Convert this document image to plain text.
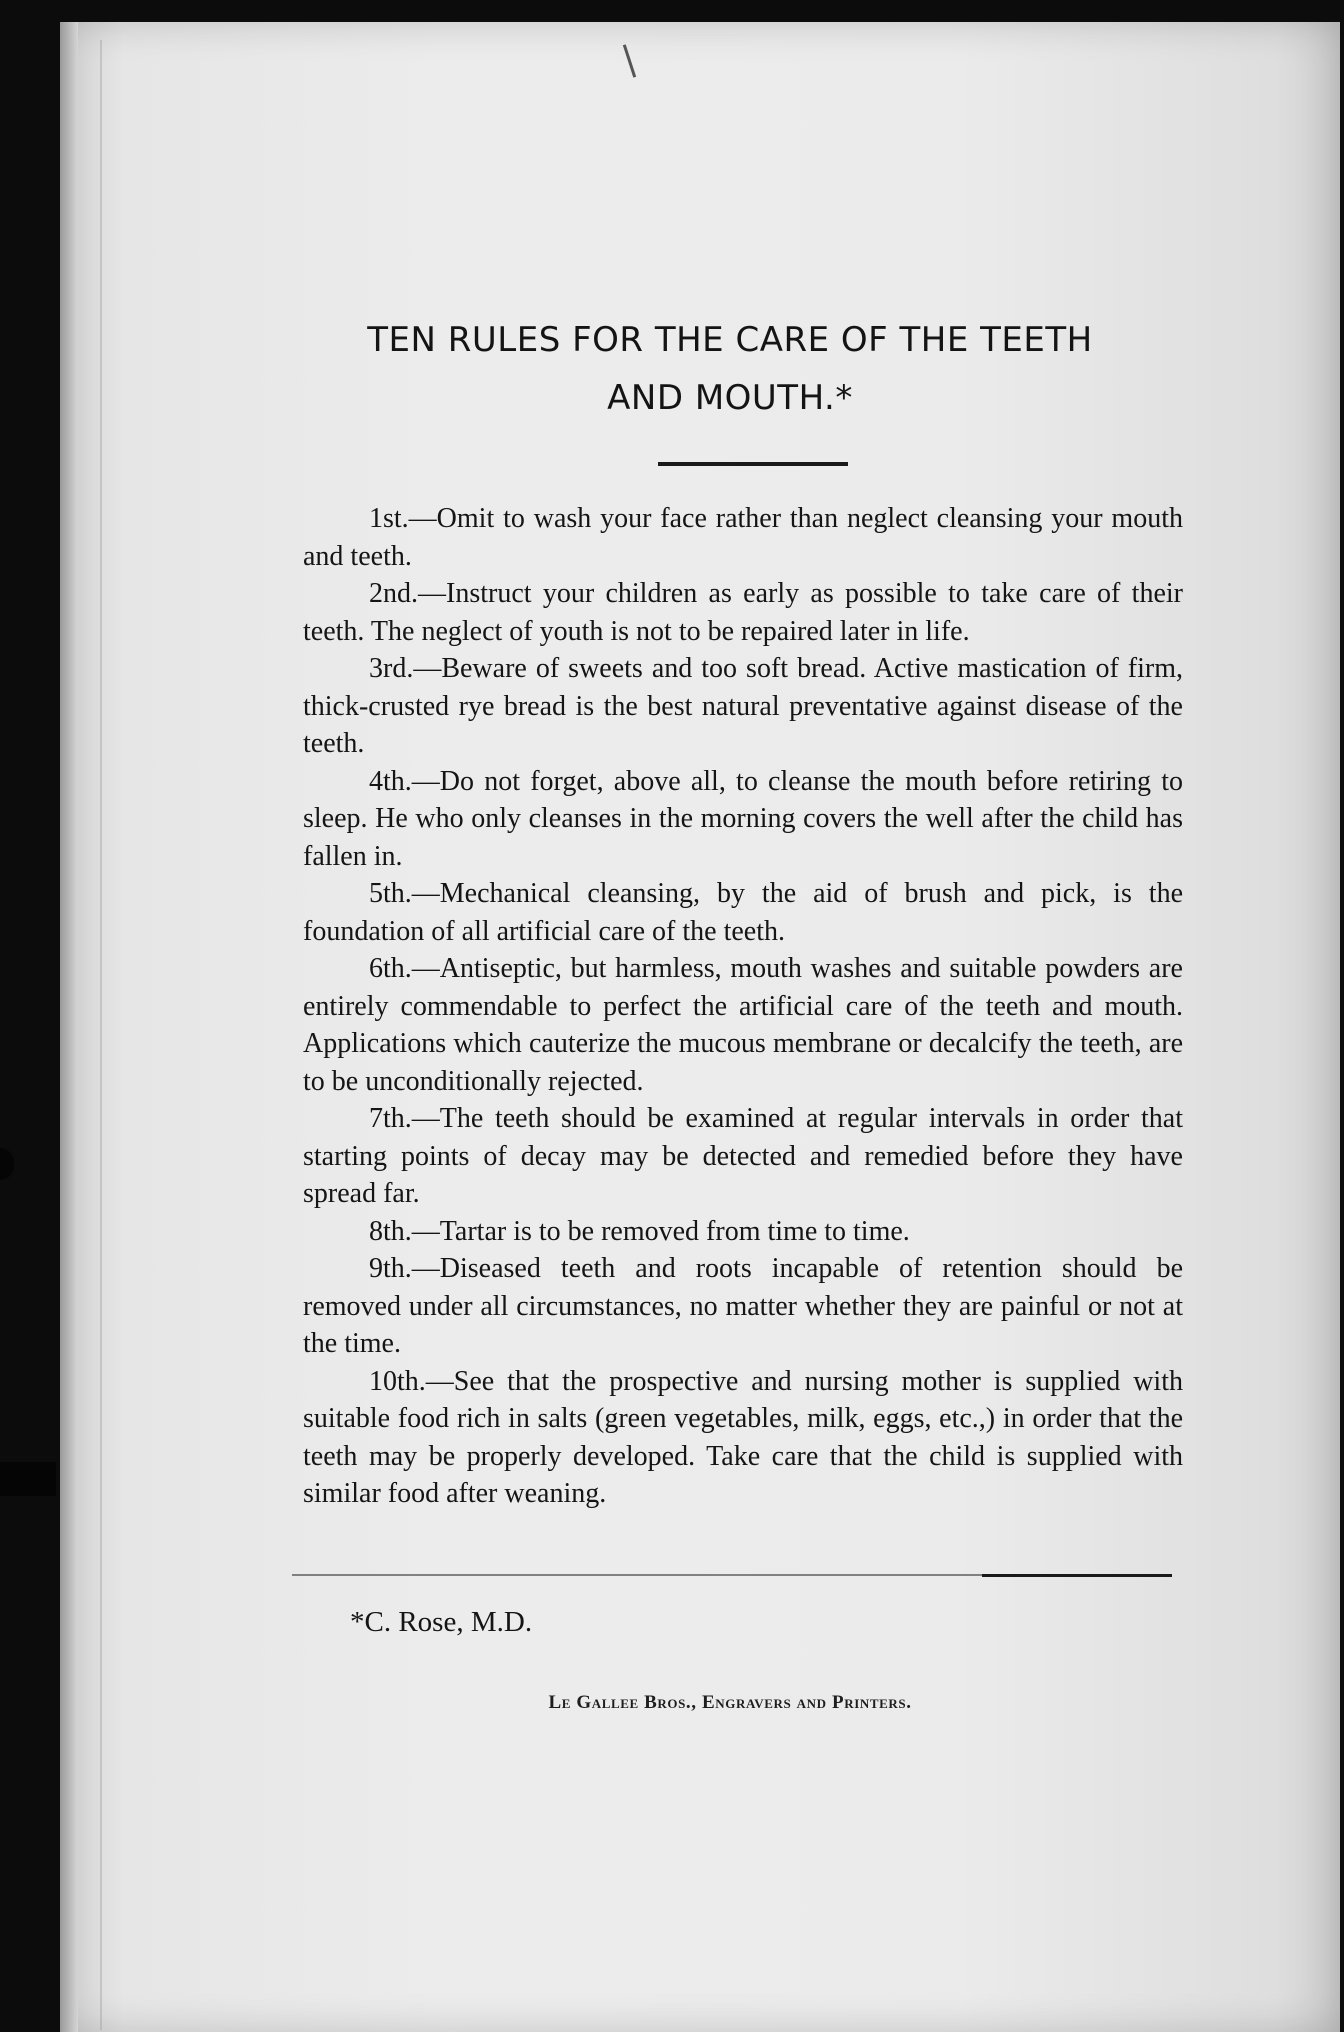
TEN RULES FOR THE CARE OF THE TEETH
AND MOUTH.*
1st.—Omit to wash your face rather than neglect cleansing your mouth and teeth.
2nd.—Instruct your children as early as possible to take care of their teeth. The neglect of youth is not to be repaired later in life.
3rd.—Beware of sweets and too soft bread. Active mastication of firm, thick-crusted rye bread is the best natural preventative against disease of the teeth.
4th.—Do not forget, above all, to cleanse the mouth before retiring to sleep. He who only cleanses in the morning covers the well after the child has fallen in.
5th.—Mechanical cleansing, by the aid of brush and pick, is the foundation of all artificial care of the teeth.
6th.—Antiseptic, but harmless, mouth washes and suitable powders are entirely commendable to perfect the artificial care of the teeth and mouth. Applications which cauterize the mucous membrane or decalcify the teeth, are to be unconditionally rejected.
7th.—The teeth should be examined at regular intervals in order that starting points of decay may be detected and remedied before they have spread far.
8th.—Tartar is to be removed from time to time.
9th.—Diseased teeth and roots incapable of retention should be removed under all circumstances, no matter whether they are painful or not at the time.
10th.—See that the prospective and nursing mother is supplied with suitable food rich in salts (green vegetables, milk, eggs, etc.,) in order that the teeth may be properly developed. Take care that the child is supplied with similar food after weaning.
*C. Rose, M.D.
Le Gallee Bros., Engravers and Printers.
